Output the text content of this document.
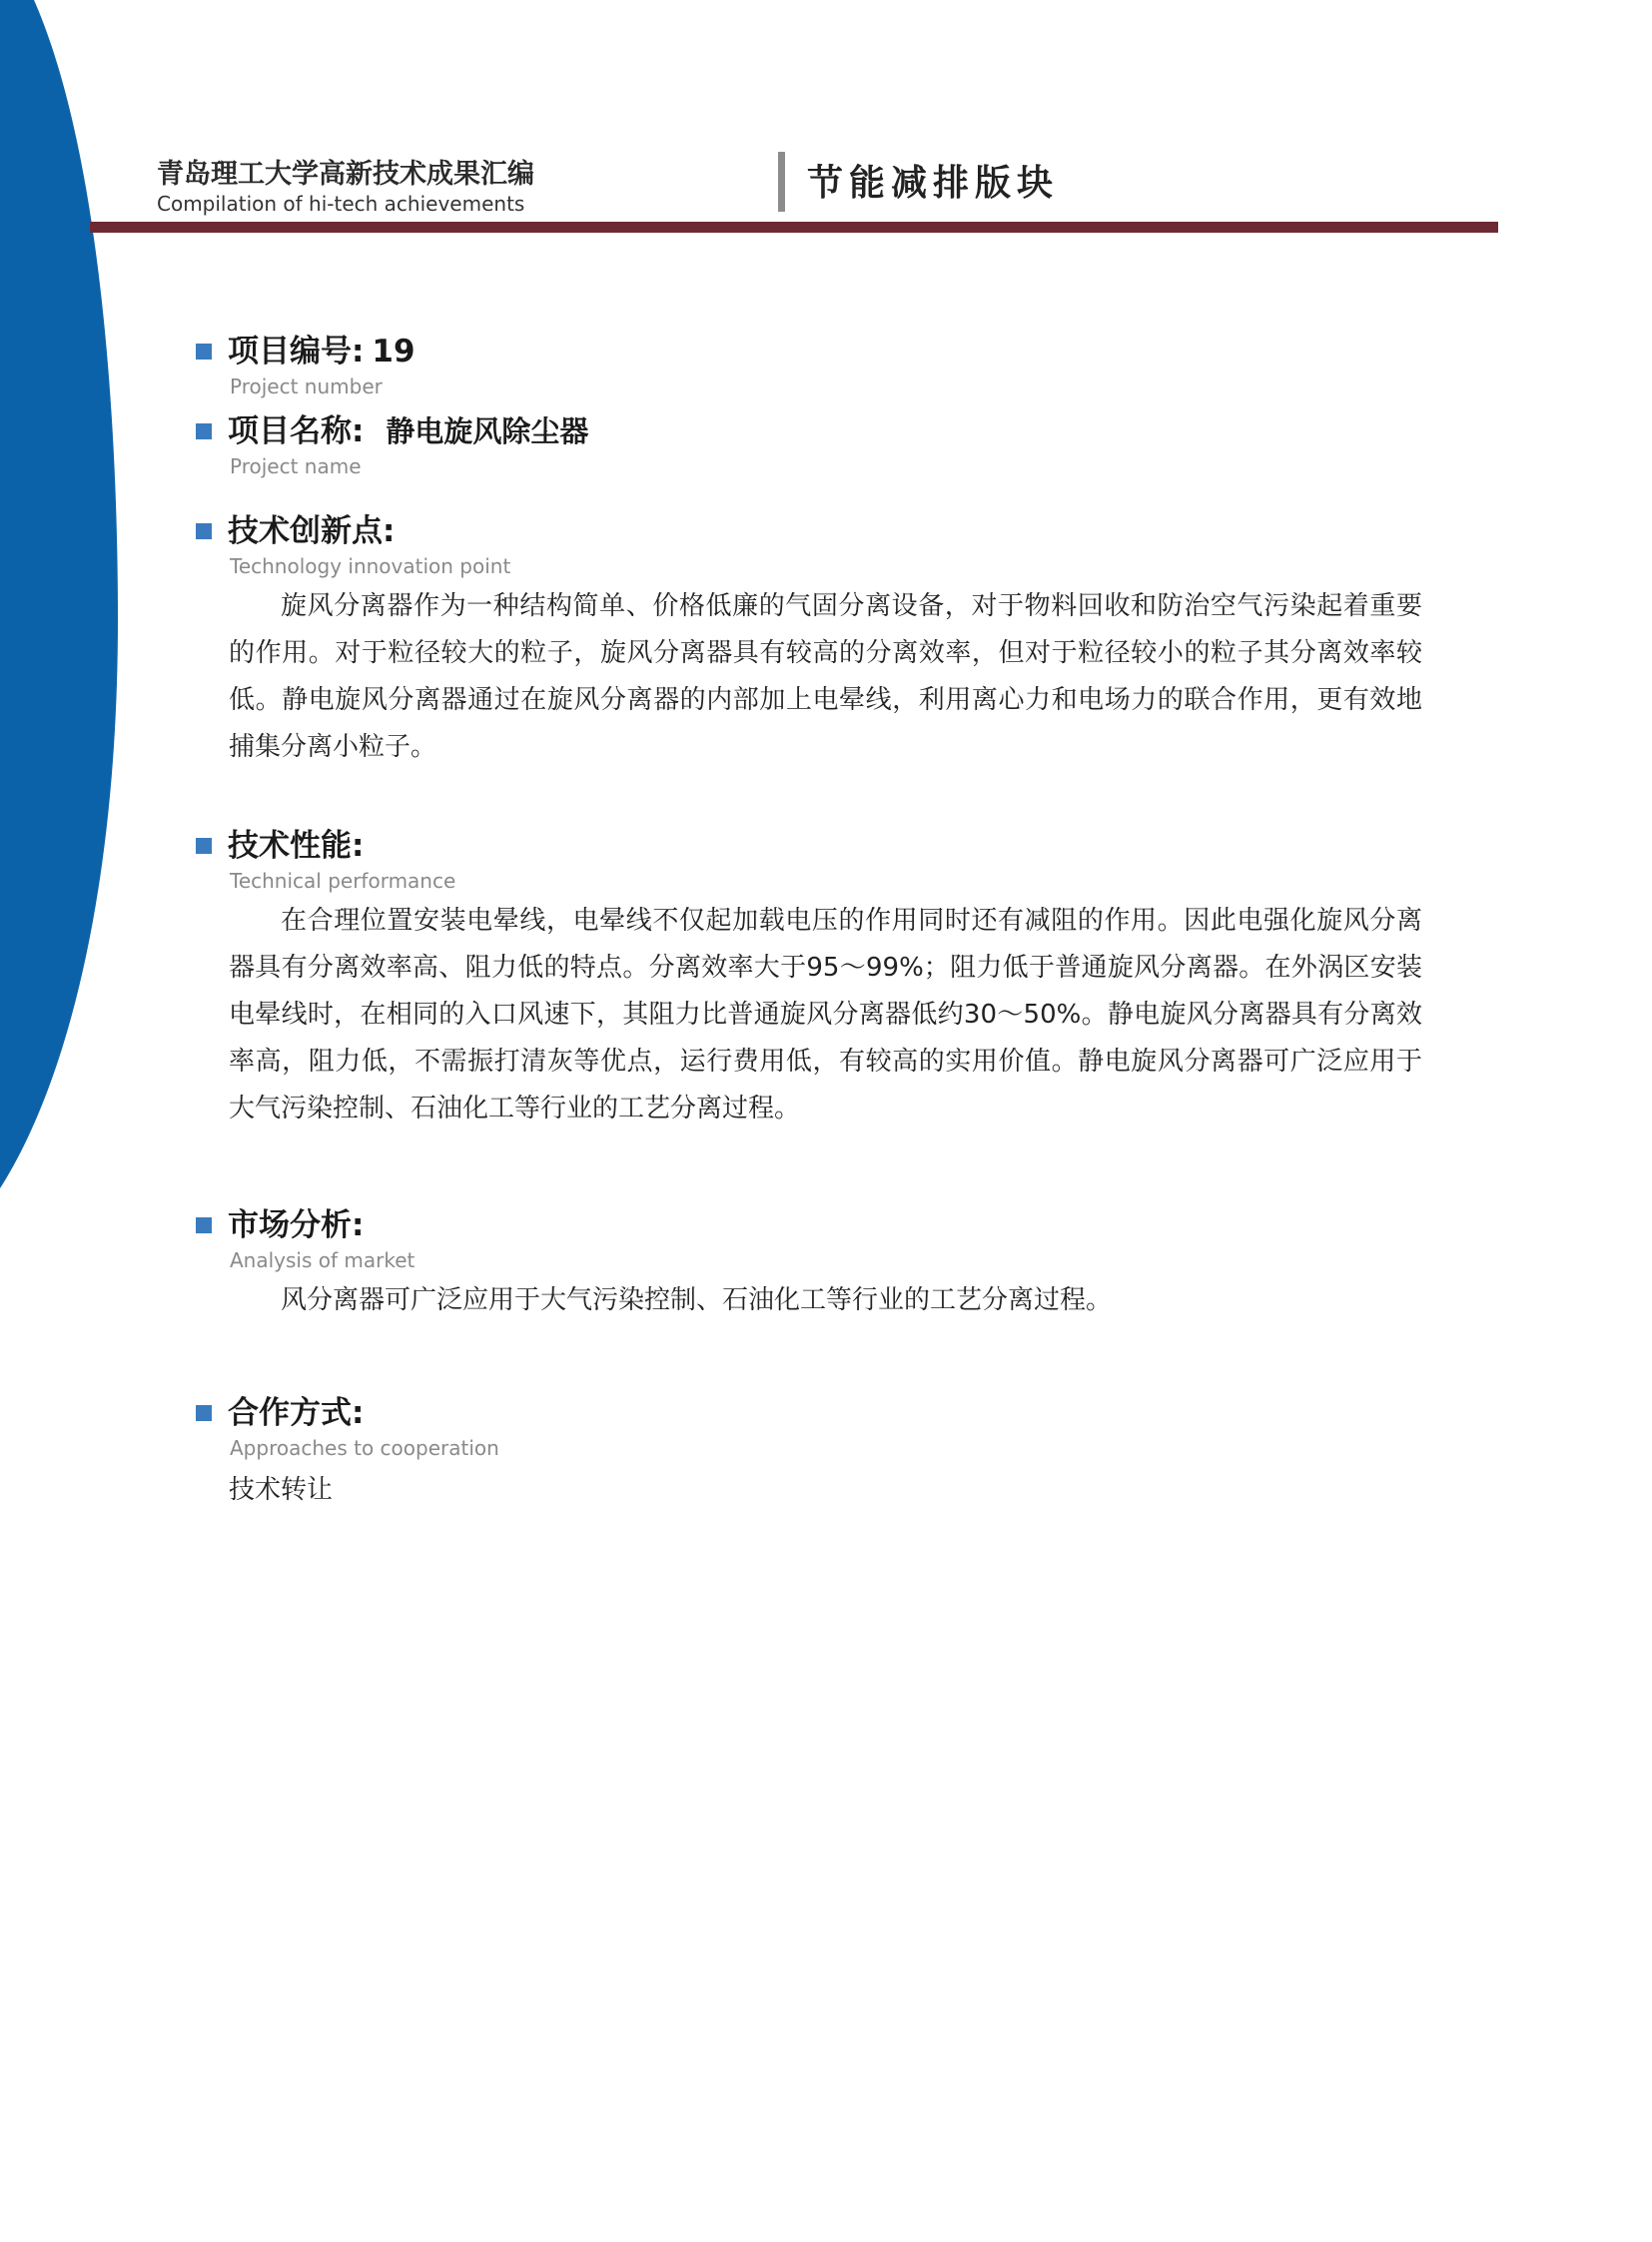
青岛理工大学高新技术成果汇编
Compilation of hi-tech achievements	节能减排版块
项目编号: 19
Project number
项目名称: 静电旋风除尘器
Project name
技术创新点:
Technology innovation point
旋风分离器作为一种结构简单、价格低廉的气固分离设备，对于物料回收和防治空气污染起着重要的作用。对于粒径较大的粒子，旋风分离器具有较高的分离效率，但对于粒径较小的粒子其分离效率较低。静电旋风分离器通过在旋风分离器的内部加上电晕线，利用离心力和电场力的联合作用，更有效地捕集分离小粒子。
技术性能:
Technical performance
在合理位置安装电晕线，电晕线不仅起加载电压的作用同时还有减阻的作用。因此电强化旋风分离器具有分离效率高、阻力低的特点。分离效率大于95～99%；阻力低于普通旋风分离器。在外涡区安装电晕线时，在相同的入口风速下，其阻力比普通旋风分离器低约30～50%。静电旋风分离器具有分离效率高，阻力低，不需振打清灰等优点，运行费用低，有较高的实用价值。静电旋风分离器可广泛应用于大气污染控制、石油化工等行业的工艺分离过程。
市场分析:
Analysis of market
风分离器可广泛应用于大气污染控制、石油化工等行业的工艺分离过程。
合作方式:
Approaches to cooperation
技术转让
